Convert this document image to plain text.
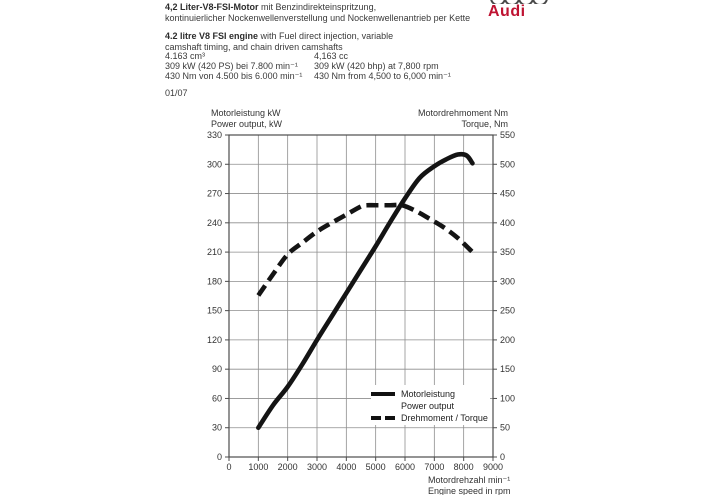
4,2 Liter-V8-FSI-Motor mit Benzindirekteinspritzung,

kontinuierlicher Nockenwellenverstellung und Nockenwellenantrieb per Kette

4.2 litre V8 FSI engine with Fuel direct injection, variable

camshaft timing, and chain driven camshafts

4.163 cm³
309 kW (420 PS) bei 7.800 min⁻¹
430 Nm von 4.500 bis 6.000 min⁻¹
4,163 cc
309 kW (420 bhp) at 7,800 rpm
430 Nm from 4,500 to 6,000 min⁻¹
01/07
Audi
0 1000 2000 3000 4000 5000 6000 7000 8000 9000
0
30
60
90
120
150
180
210
240
270
300
330
0
50
100
150
200
250
300
350
400
450
500
550
Motorleistung kW
Power output, kW
Motordrehmoment Nm
Torque, Nm
Motordrehzahl min⁻¹
Engine speed in rpm
Motorleistung
Power output
Drehmoment / Torque
